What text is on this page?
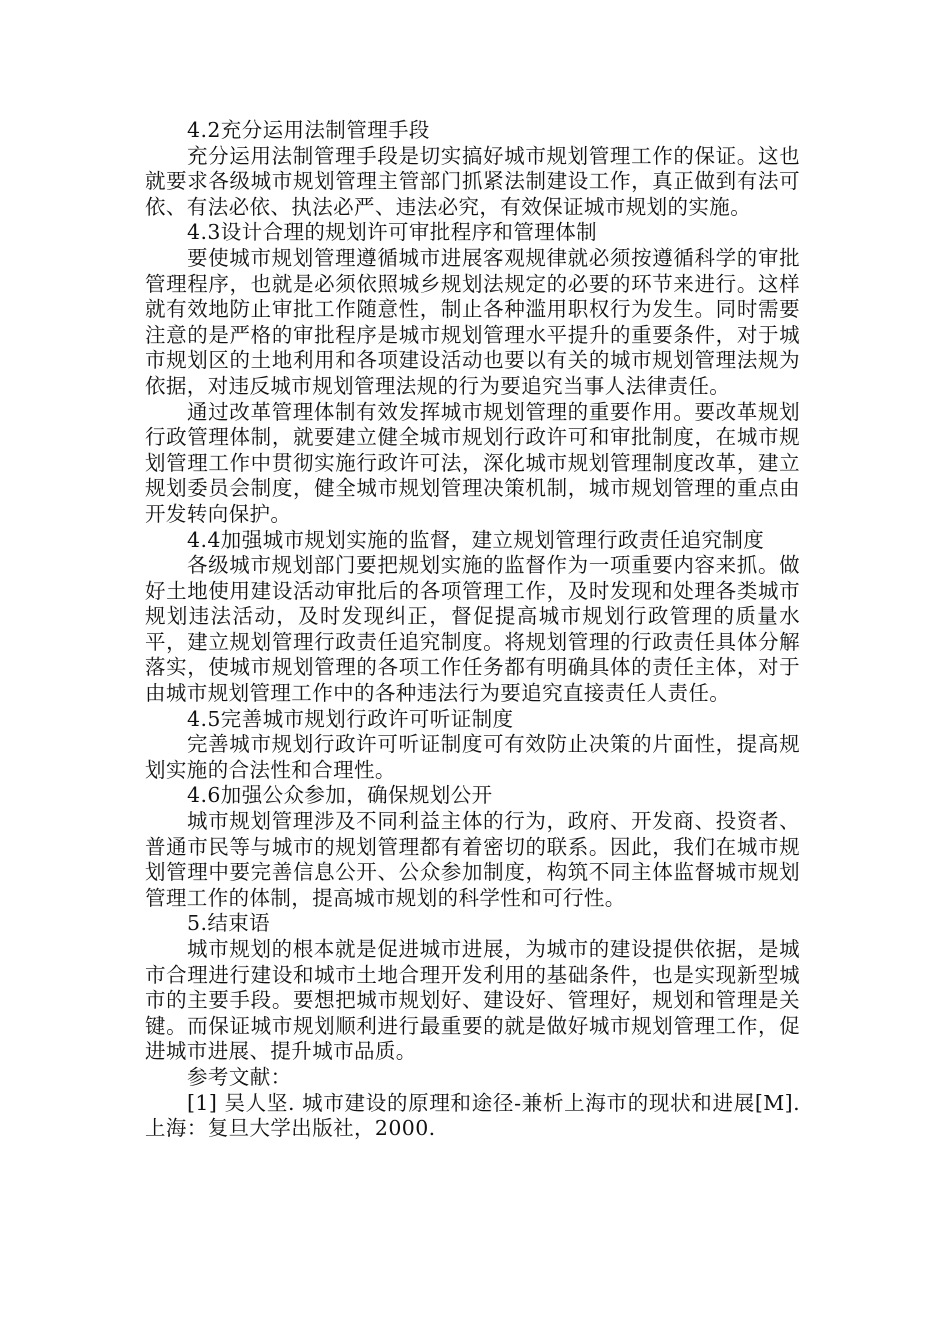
4.2充分运用法制管理手段

充分运用法制管理手段是切实搞好城市规划管理工作的保证。这也就要求各级城市规划管理主管部门抓紧法制建设工作，真正做到有法可依、有法必依、执法必严、违法必究，有效保证城市规划的实施。

4.3设计合理的规划许可审批程序和管理体制

要使城市规划管理遵循城市进展客观规律就必须按遵循科学的审批管理程序，也就是必须依照城乡规划法规定的必要的环节来进行。这样就有效地防止审批工作随意性，制止各种滥用职权行为发生。同时需要注意的是严格的审批程序是城市规划管理水平提升的重要条件，对于城市规划区的土地利用和各项建设活动也要以有关的城市规划管理法规为依据，对违反城市规划管理法规的行为要追究当事人法律责任。

通过改革管理体制有效发挥城市规划管理的重要作用。要改革规划行政管理体制，就要建立健全城市规划行政许可和审批制度，在城市规划管理工作中贯彻实施行政许可法，深化城市规划管理制度改革，建立规划委员会制度，健全城市规划管理决策机制，城市规划管理的重点由开发转向保护。

4.4加强城市规划实施的监督，建立规划管理行政责任追究制度

各级城市规划部门要把规划实施的监督作为一项重要内容来抓。做好土地使用建设活动审批后的各项管理工作，及时发现和处理各类城市规划违法活动，及时发现纠正，督促提高城市规划行政管理的质量水平，建立规划管理行政责任追究制度。将规划管理的行政责任具体分解落实，使城市规划管理的各项工作任务都有明确具体的责任主体，对于由城市规划管理工作中的各种违法行为要追究直接责任人责任。

4.5完善城市规划行政许可听证制度

完善城市规划行政许可听证制度可有效防止决策的片面性，提高规划实施的合法性和合理性。

4.6加强公众参加，确保规划公开

城市规划管理涉及不同利益主体的行为，政府、开发商、投资者、普通市民等与城市的规划管理都有着密切的联系。因此，我们在城市规划管理中要完善信息公开、公众参加制度，构筑不同主体监督城市规划管理工作的体制，提高城市规划的科学性和可行性。

5.结束语

城市规划的根本就是促进城市进展，为城市的建设提供依据，是城市合理进行建设和城市土地合理开发利用的基础条件，也是实现新型城市的主要手段。要想把城市规划好、建设好、管理好，规划和管理是关键。而保证城市规划顺利进行最重要的就是做好城市规划管理工作，促进城市进展、提升城市品质。

参考文献：

[1] 吴人坚. 城市建设的原理和途径-兼析上海市的现状和进展[M]. 上海：复旦大学出版社，2000.
